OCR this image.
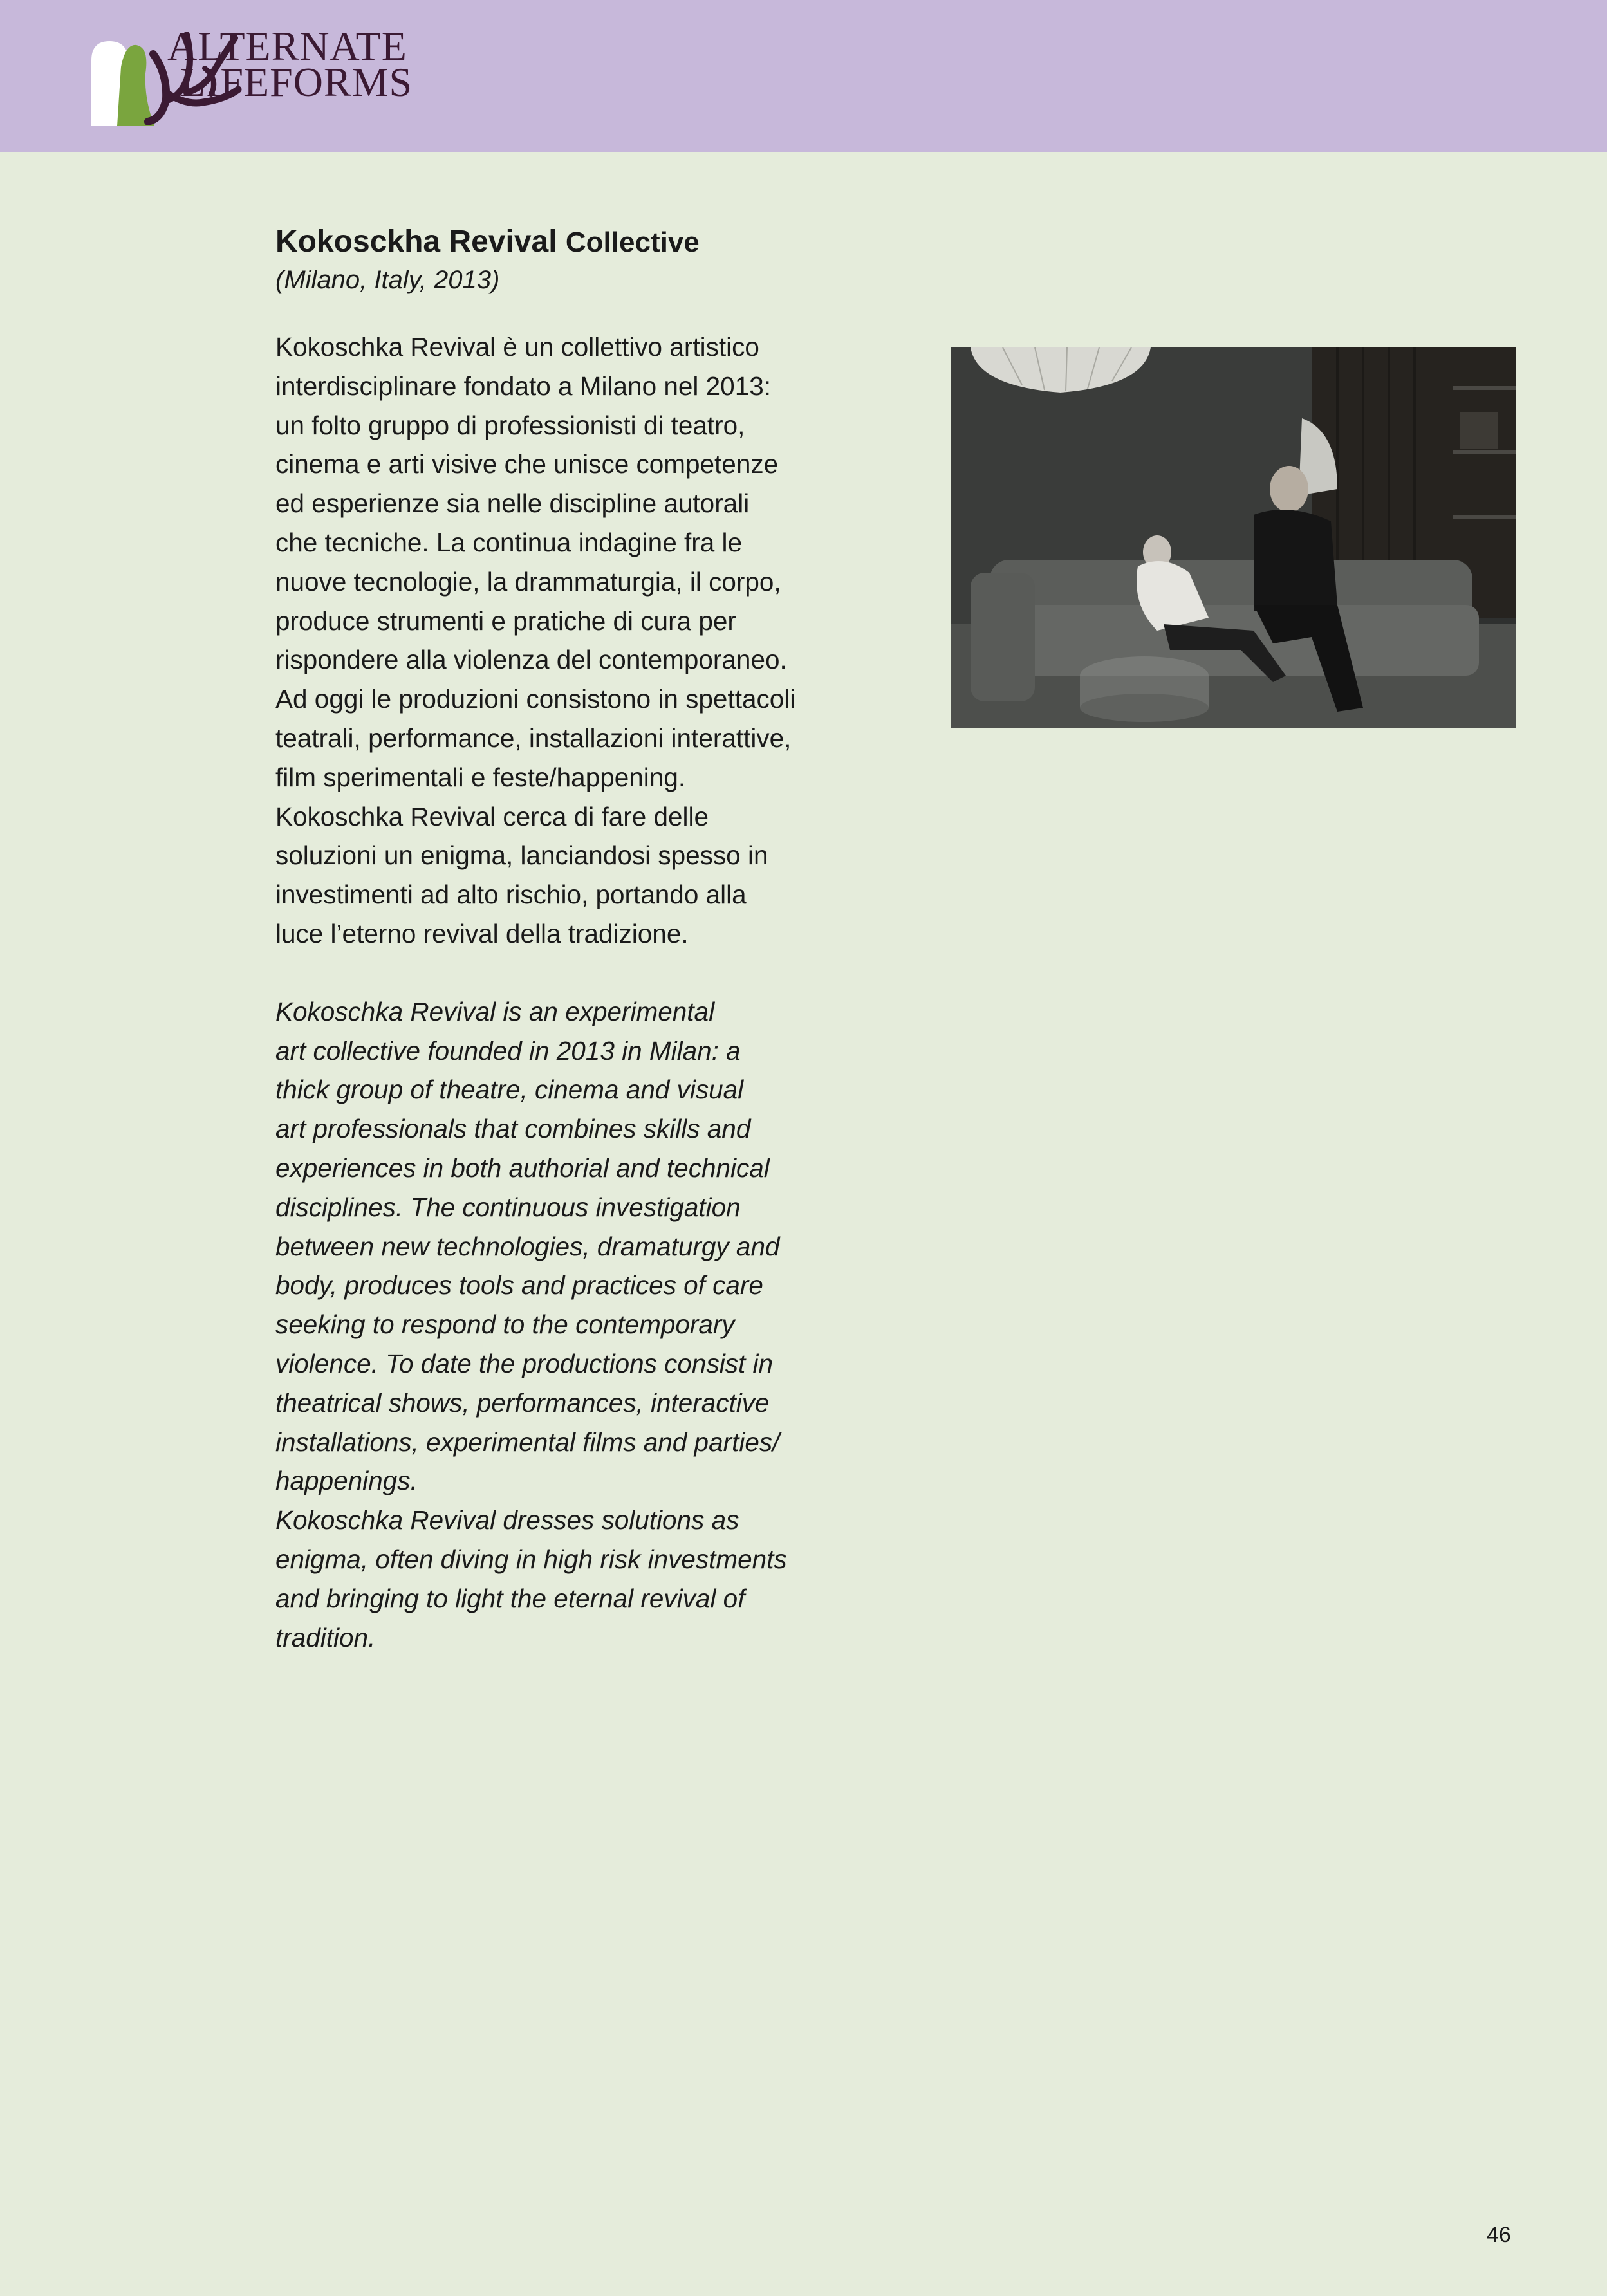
ALTERNATE
LIFEFORMS
Kokosckha Revival Collective

(Milano, Italy, 2013)

Kokoschka Revival è un collettivo artistico
interdisciplinare fondato a Milano nel 2013:
un folto gruppo di professionisti di teatro,
cinema e arti visive che unisce competenze
ed esperienze sia nelle discipline autorali
che tecniche. La continua indagine fra le
nuove tecnologie, la drammaturgia, il corpo,
produce strumenti e pratiche di cura per
rispondere alla violenza del contemporaneo.
Ad oggi le produzioni consistono in spettacoli
teatrali, performance, installazioni interattive,
film sperimentali e feste/happening.
Kokoschka Revival cerca di fare delle
soluzioni un enigma, lanciandosi spesso in
investimenti ad alto rischio, portando alla
luce l’eterno revival della tradizione.

Kokoschka Revival is an experimental
art collective founded in 2013 in Milan: a
thick group of theatre, cinema and visual
art professionals that combines skills and
experiences in both authorial and technical
disciplines. The continuous investigation
between new technologies, dramaturgy and
body, produces tools and practices of care
seeking to respond to the contemporary
violence. To date the productions consist in
theatrical shows, performances, interactive
installations, experimental films and parties/
happenings.
Kokoschka Revival dresses solutions as
enigma, often diving in high risk investments
and bringing to light the eternal revival of
tradition.

46
